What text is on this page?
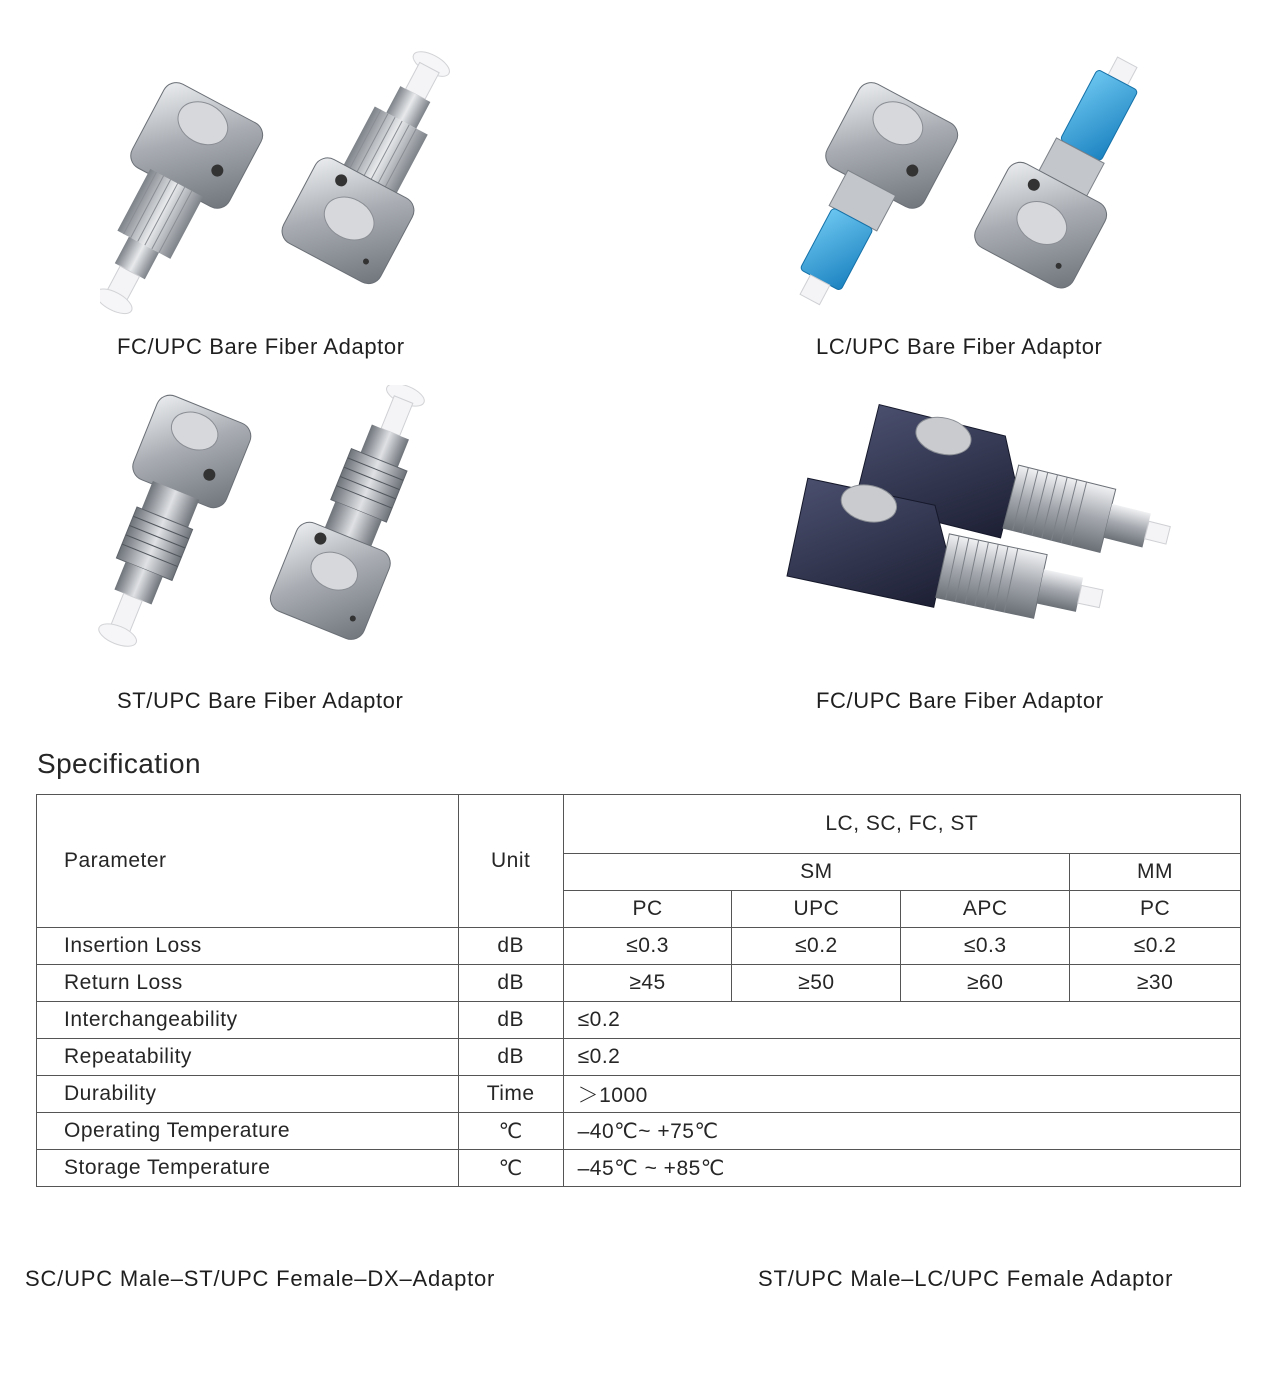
FC/UPC Bare Fiber Adaptor	LC/UPC Bare Fiber Adaptor
ST/UPC Bare Fiber Adaptor	FC/UPC Bare Fiber Adaptor
Specification
Parameter	Unit	LC, SC, FC, ST			
		SM			MM
		PC	UPC	APC	PC
Insertion Loss	dB	≤0.3	≤0.2	≤0.3	≤0.2
Return Loss	dB	≥45	≥50	≥60	≥30
Interchangeability	dB	≤0.2			
Repeatability	dB	≤0.2			
Durability	Time	＞1000			
Operating Temperature	℃	–40℃~ +75℃			
Storage Temperature	℃	–45℃ ~ +85℃			
SC/UPC Male–ST/UPC Female–DX–Adaptor	ST/UPC Male–LC/UPC Female Adaptor
